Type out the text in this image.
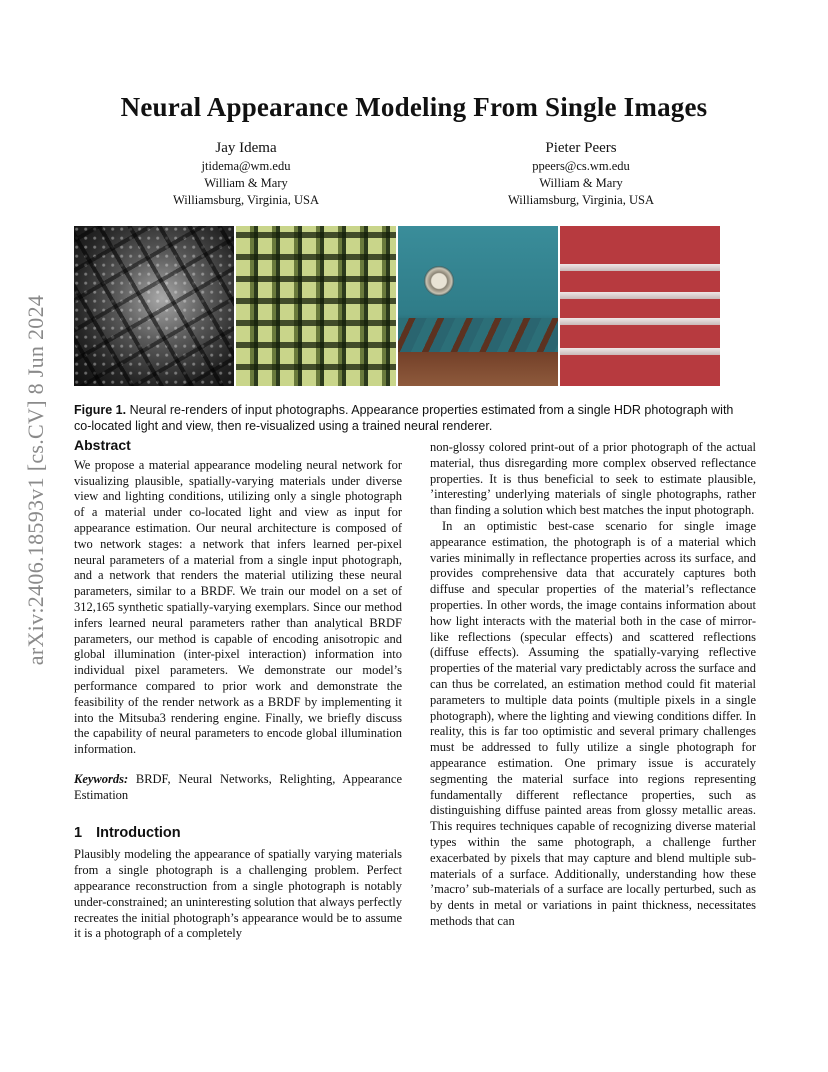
arXiv:2406.18593v1 [cs.CV] 8 Jun 2024
Neural Appearance Modeling From Single Images
Jay Idema
jtidema@wm.edu
William & Mary
Williamsburg, Virginia, USA
Pieter Peers
ppeers@cs.wm.edu
William & Mary
Williamsburg, Virginia, USA

Figure 1. Neural re-renders of input photographs. Appearance properties estimated from a single HDR photograph with co-located light and view, then re-visualized using a trained neural renderer.

Abstract

We propose a material appearance modeling neural network for visualizing plausible, spatially-varying materials under diverse view and lighting conditions, utilizing only a single photograph of a material under co-located light and view as input for appearance estimation. Our neural architecture is composed of two network stages: a network that infers learned per-pixel neural parameters of a material from a single input photograph, and a network that renders the material utilizing these neural parameters, similar to a BRDF. We train our model on a set of 312,165 synthetic spatially-varying exemplars. Since our method infers learned neural parameters rather than analytical BRDF parameters, our method is capable of encoding anisotropic and global illumination (inter-pixel interaction) information into individual pixel parameters. We demonstrate our model’s performance compared to prior work and demonstrate the feasibility of the render network as a BRDF by implementing it into the Mitsuba3 rendering engine. Finally, we briefly discuss the capability of neural parameters to encode global illumination information.

Keywords: BRDF, Neural Networks, Relighting, Appearance Estimation

1 Introduction

Plausibly modeling the appearance of spatially varying materials from a single photograph is a challenging problem. Perfect appearance reconstruction from a single photograph is notably under-constrained; an uninteresting solution that always perfectly recreates the initial photograph’s appearance would be to assume it is a photograph of a completely

non-glossy colored print-out of a prior photograph of the actual material, thus disregarding more complex observed reflectance properties. It is thus beneficial to seek to estimate plausible, ’interesting’ underlying materials of single photographs, rather than finding a solution which best matches the input photograph.

In an optimistic best-case scenario for single image appearance estimation, the photograph is of a material which varies minimally in reflectance properties across its surface, and provides comprehensive data that accurately captures both diffuse and specular properties of the material’s reflectance properties. In other words, the image contains information about how light interacts with the material both in the case of mirror-like reflections (specular effects) and scattered reflections (diffuse effects). Assuming the spatially-varying reflective properties of the material vary predictably across the surface and can thus be correlated, an estimation method could fit material parameters to multiple data points (multiple pixels in a single photograph), where the lighting and viewing conditions differ. In reality, this is far too optimistic and several primary challenges must be addressed to fully utilize a single photograph for appearance estimation. One primary issue is accurately segmenting the material surface into regions representing fundamentally different reflectance properties, such as distinguishing diffuse painted areas from glossy metallic areas. This requires techniques capable of recognizing diverse material types within the same photograph, a challenge further exacerbated by pixels that may capture and blend multiple sub-materials of a surface. Additionally, understanding how these ’macro’ sub-materials of a surface are locally perturbed, such as by dents in metal or variations in paint thickness, necessitates methods that can
